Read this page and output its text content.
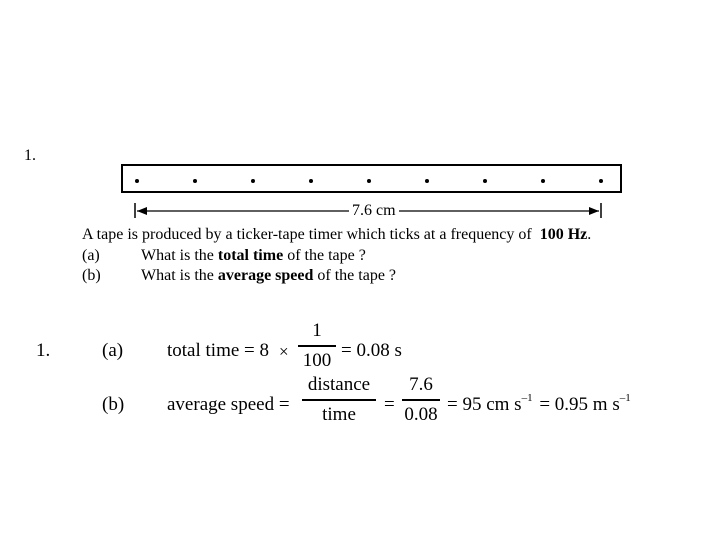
1.
7.6 cm
A tape is produced by a ticker-tape timer which ticks at a frequency of 100 Hz.
(a)	What is the total time of the tape ?
(b)	What is the average speed of the tape ?
1.	(a) total time = 8 ×
1
100 = 0.08 s
(b) average speed =
distance
time	=
7.6
0.08 = 95 cm $s^{-1} = 0.95$ m $s^{-1}$
